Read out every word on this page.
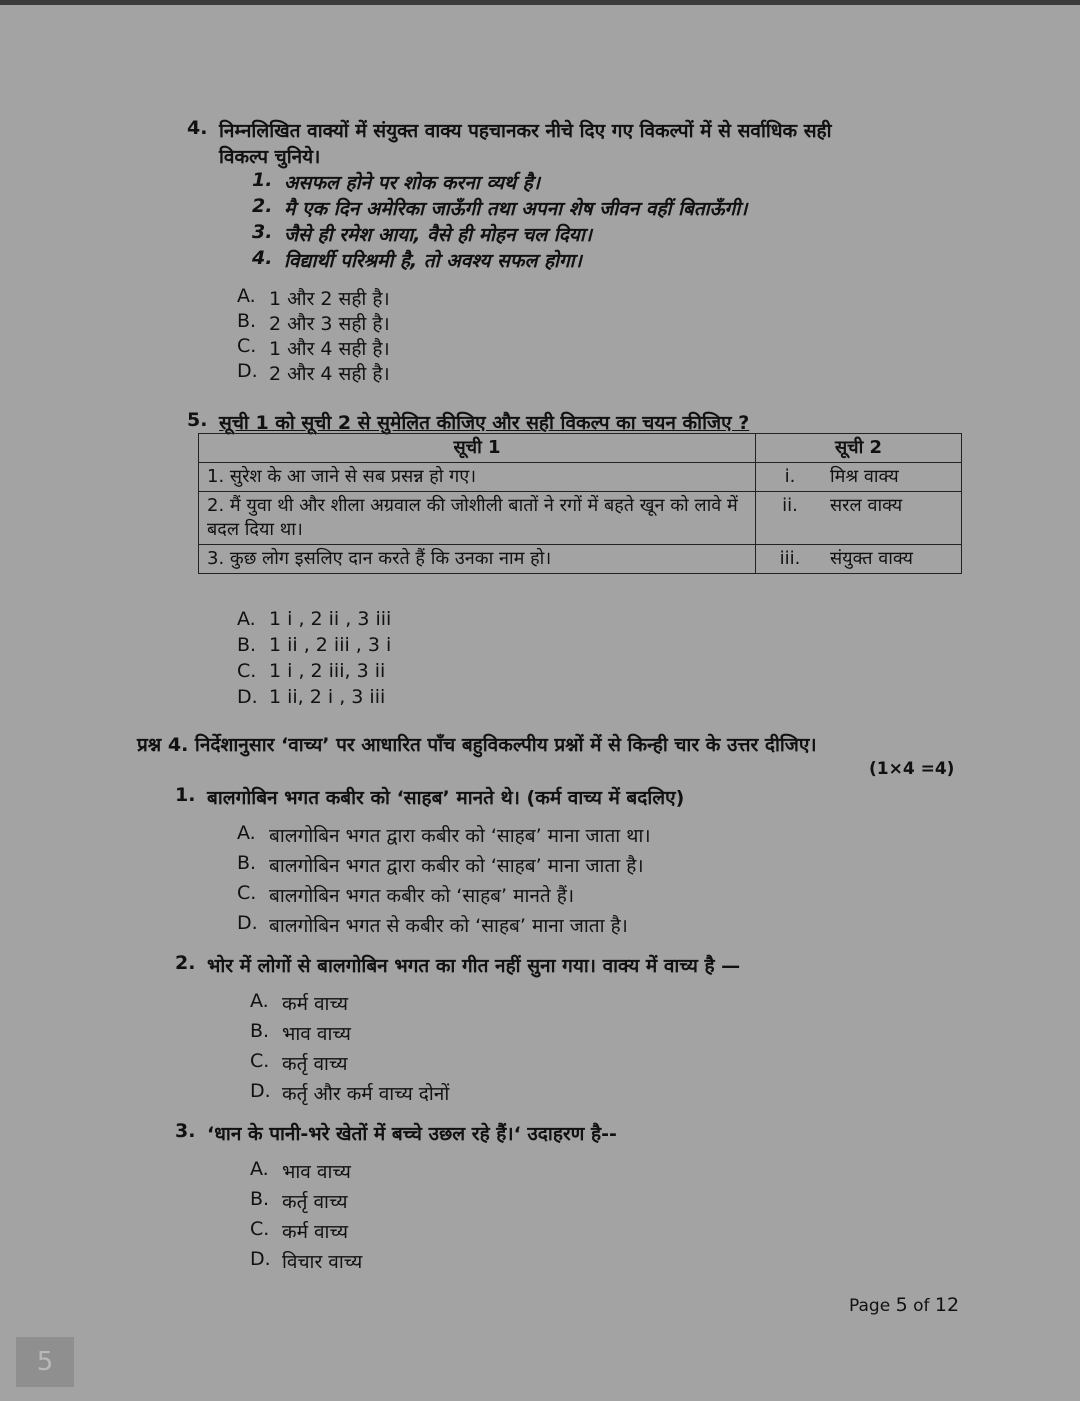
4. निम्नलिखित वाक्यों में संयुक्त वाक्य पहचानकर नीचे दिए गए विकल्पों में से सर्वाधिक सही
विकल्प चुनिये।
1. असफल होने पर शोक करना व्यर्थ है।
2. मै एक दिन अमेरिका जाऊँगी तथा अपना शेष जीवन वहीं बिताऊँगी।
3. जैसे ही रमेश आया, वैसे ही मोहन चल दिया।
4. विद्यार्थी परिश्रमी है, तो अवश्य सफल होगा।
A. 1 और 2 सही है।
B. 2 और 3 सही है।
C. 1 और 4 सही है।
D. 2 और 4 सही है।
5. सूची 1 को सूची 2 से सुमेलित कीजिए और सही विकल्प का चयन कीजिए ?
सूची 1	सूची 2
1. सुरेश के आ जाने से सब प्रसन्न हो गए।	i. मिश्र वाक्य
2. मैं युवा थी और शीला अग्रवाल की जोशीली बातों ने रगों में बहते खून को लावे में बदल दिया था।	ii. सरल वाक्य
3. कुछ लोग इसलिए दान करते हैं कि उनका नाम हो।	iii. संयुक्त वाक्य
A. 1 i , 2 ii , 3 iii
B. 1 ii , 2 iii , 3 i
C. 1 i , 2 iii, 3 ii
D. 1 ii, 2 i , 3 iii
प्रश्न 4. निर्देशानुसार ‘वाच्य’ पर आधारित पाँच बहुविकल्पीय प्रश्नों में से किन्ही चार के उत्तर दीजिए।
(1×4 =4)
1. बालगोबिन भगत कबीर को ‘साहब’ मानते थे। (कर्म वाच्य में बदलिए)
A. बालगोबिन भगत द्वारा कबीर को ‘साहब’ माना जाता था।
B. बालगोबिन भगत द्वारा कबीर को ‘साहब’ माना जाता है।
C. बालगोबिन भगत कबीर को ‘साहब’ मानते हैं।
D. बालगोबिन भगत से कबीर को ‘साहब’ माना जाता है।
2. भोर में लोगों से बालगोबिन भगत का गीत नहीं सुना गया। वाक्य में वाच्य है —
A. कर्म वाच्य
B. भाव वाच्य
C. कर्तृ वाच्य
D. कर्तृ और कर्म वाच्य दोनों
3. ‘धान के पानी-भरे खेतों में बच्चे उछल रहे हैं।‘ उदाहरण है--
A. भाव वाच्य
B. कर्तृ वाच्य
C. कर्म वाच्य
D. विचार वाच्य
Page 5 of 12
5
